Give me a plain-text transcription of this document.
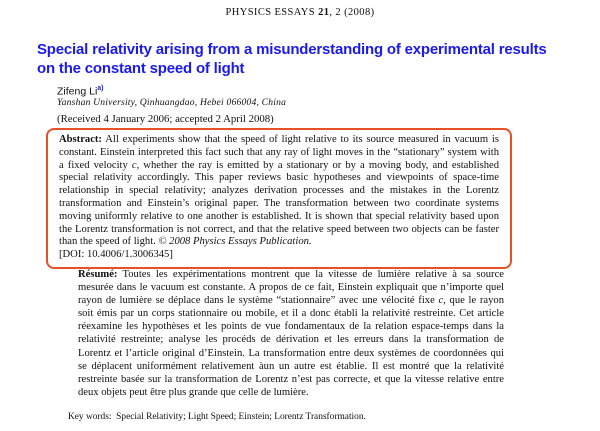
PHYSICS ESSAYS 21, 2 (2008)
Special relativity arising from a misunderstanding of experimental results
on the constant speed of light
Zifeng Li$^{a)}$
Yanshan University, Qinhuangdao, Hebei 066004, China
(Received 4 January 2006; accepted 2 April 2008)
Abstract: All experiments show that the speed of light relative to its source measured in vacuum is constant. Einstein interpreted this fact such that any ray of light moves in the “stationary” system with a fixed velocity c, whether the ray is emitted by a stationary or by a moving body, and established special relativity accordingly. This paper reviews basic hypotheses and viewpoints of space-time relationship in special relativity; analyzes derivation processes and the mistakes in the Lorentz transformation and Einstein’s original paper. The transformation between two coordinate systems moving uniformly relative to one another is established. It is shown that special relativity based upon the Lorentz transformation is not correct, and that the relative speed between two objects can be faster than the speed of light. © 2008 Physics Essays Publication.
[DOI: 10.4006/1.3006345]
Résumé: Toutes les expérimentations montrent que la vitesse de lumière relative à sa source mesurée dans le vacuum est constante. A propos de ce fait, Einstein expliquait que n’importe quel rayon de lumière se déplace dans le système “stationnaire” avec une vélocité fixe c, que le rayon soit émis par un corps stationnaire ou mobile, et il a donc établi la relativité restreinte. Cet article réexamine les hypothèses et les points de vue fondamentaux de la relation espace-temps dans la relativité restreinte; analyse les procéds de dérivation et les erreurs dans la transformation de Lorentz et l’article original d’Einstein. La transformation entre deux systèmes de coordonnées qui se déplacent uniformément relativement àun un autre est établie. Il est montré que la relativité restreinte basée sur la transformation de Lorentz n’est pas correcte, et que la vitesse relative entre deux objets peut être plus grande que celle de lumière.
Key words:  Special Relativity; Light Speed; Einstein; Lorentz Transformation.
